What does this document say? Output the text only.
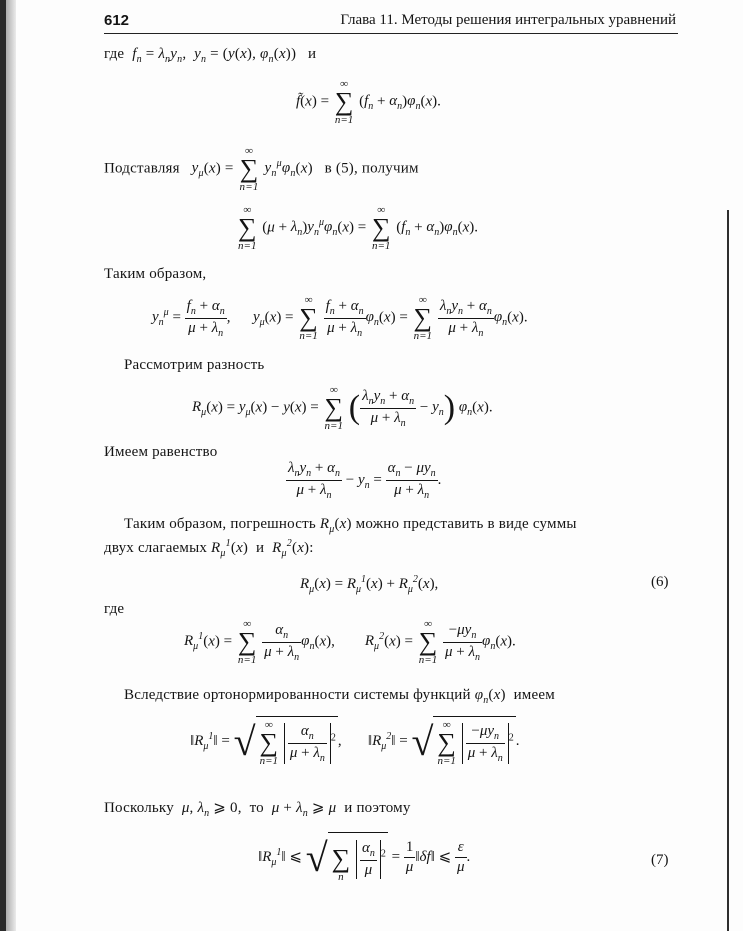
612	Глава 11. Методы решения интегральных уравнений
где $f_n = \lambda_ny_n$,  $y_n = (y(x)$, $\varphi_n(x)$)   и
f̃(x) =
∞
∑
n=1
$(f_n + \alpha_n)\varphi_n(x)$.
Подставляя $y_\mu(x)$ =
∞
∑
n=1
$y_n^\mu\varphi_n(x)$   в (5), получим
∞
∑
n=1
$(\mu + \lambda_n)y_n^\mu\varphi_n(x)$ =
∞
∑
n=1
$(f_n + \alpha_n)\varphi_n(x)$.
Таким образом,
$y_n^\mu = \frac{f_n + \alpha_n}{\mu + \lambda_n}$ ,      $y_\mu(x)$ =
∞
∑
n=1
$\frac{f_n + \alpha_n}{\mu + \lambda_n} \varphi_n(x)$ =
∞
∑
n=1
$\frac{\lambda_ny_n + \alpha_n}{\mu + \lambda_n} \varphi_n(x)$.
Рассмотрим разность
$R_\mu(x) = y_\mu(x) - y(x)$ =
∞
∑
n=1 ( $\frac{\lambda_ny_n + \alpha_n}{\mu + \lambda_n} - y_n$) $\varphi_n(x)$.
Имеем равенство
$\frac{\lambda_ny_n + \alpha_n}{\mu + \lambda_n} - y_n = \frac{\alpha_n - \mu y_n}{\mu + \lambda_n}$ .
Таким образом, погрешность $R_\mu(x)$ можно представить в виде суммы
двух слагаемых $R_\mu^1(x)$  и $R_\mu^2(x)$:
$R_\mu(x) = R_\mu^1(x) + R_\mu^2(x)$,	(6)
где
$R_\mu^1(x)$ =
∞
∑
n=1
$\frac{\alpha_n}{\mu + \lambda_n} \varphi_n(x)$,        $R_\mu^2(x)$ =
∞
∑
n=1
$\frac{-\mu y_n}{\mu + \lambda_n} \varphi_n(x)$.
Вследствие ортонормированности системы функций $\varphi_n(x)$  имеем
$‖R_\mu^1‖$ = √ ∞
∑
n=1
$\frac{\alpha_n}{\mu + \lambda_n} ^2$ ,       $‖R_\mu^2‖$ = √ ∞
∑
n=1
$\frac{-\mu y_n}{\mu + \lambda_n} ^2$ .
Поскольку μ, $\lambda_n$ ⩾ 0,  то $\mu + \lambda_n$ ⩾ μ и поэтому
$‖R_\mu^1‖$ ⩽ √
∑
n
	$\frac{\alpha_n}{\mu} ^2 = \frac{1}{\mu}$ ‖δf‖ ⩽ $\frac{\varepsilon}{\mu}$ .	(7)
